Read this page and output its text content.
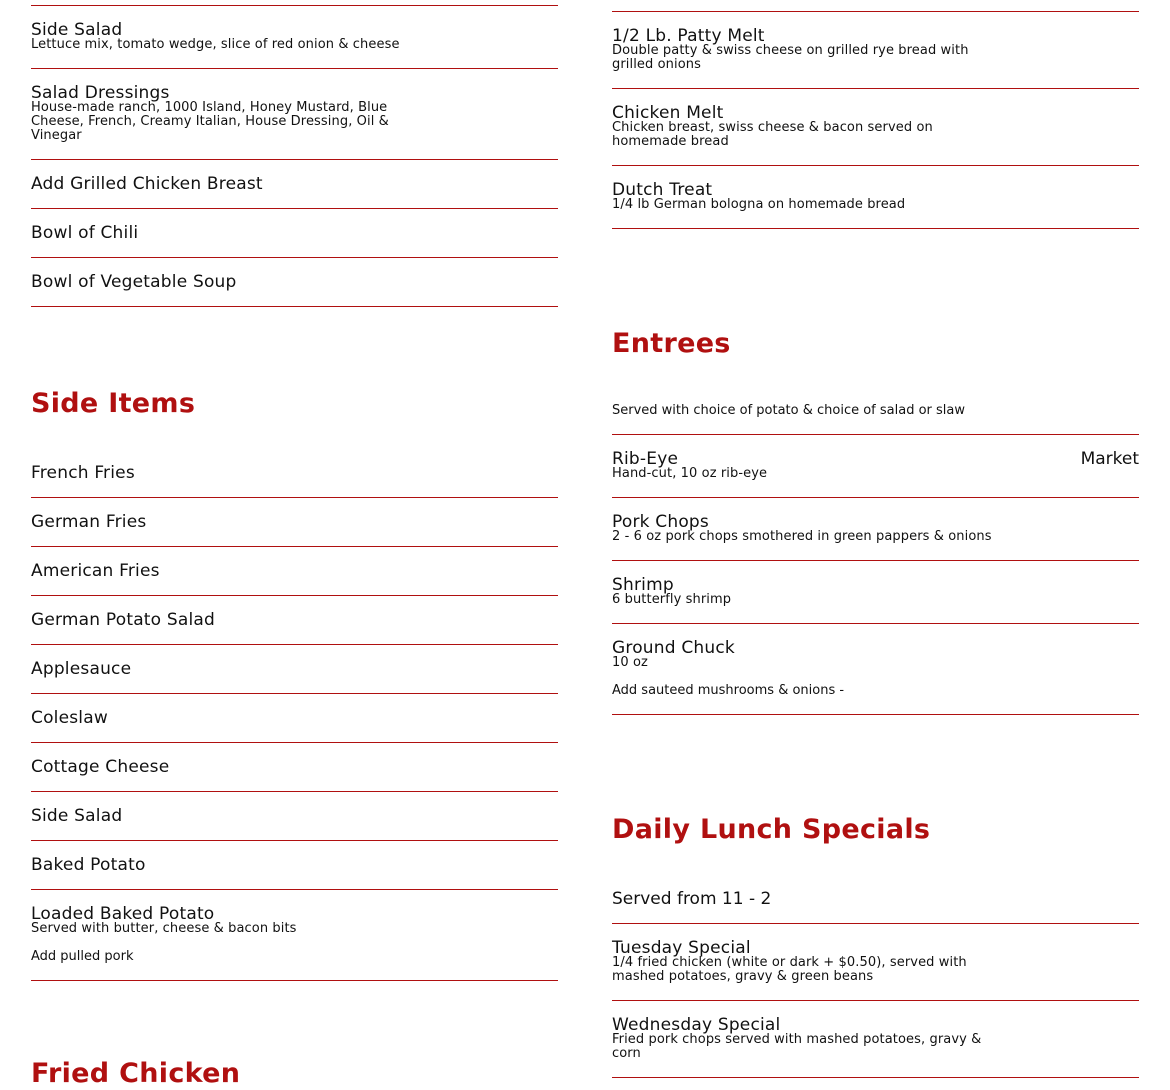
Side Salad
Lettuce mix, tomato wedge, slice of red onion & cheese
Salad Dressings
House-made ranch, 1000 Island, Honey Mustard, Blue Cheese, French, Creamy Italian, House Dressing, Oil & Vinegar
Add Grilled Chicken Breast
Bowl of Chili
Bowl of Vegetable Soup
Side Items
French Fries
German Fries
American Fries
German Potato Salad
Applesauce
Coleslaw
Cottage Cheese
Side Salad
Baked Potato
Loaded Baked Potato
Served with butter, cheese & bacon bits
Add pulled pork
Fried Chicken
1/2 Lb. Patty Melt
Double patty & swiss cheese on grilled rye bread with grilled onions
Chicken Melt
Chicken breast, swiss cheese & bacon served on homemade bread
Dutch Treat
1/4 lb German bologna on homemade bread
Entrees
Served with choice of potato & choice of salad or slaw
Rib-Eye	Market
Hand-cut, 10 oz rib-eye
Pork Chops
2 - 6 oz pork chops smothered in green pappers & onions
Shrimp
6 butterfly shrimp
Ground Chuck
10 oz
Add sauteed mushrooms & onions -
Daily Lunch Specials
Served from 11 - 2
Tuesday Special
1/4 fried chicken (white or dark + $0.50), served with mashed potatoes, gravy & green beans
Wednesday Special
Fried pork chops served with mashed potatoes, gravy & corn
